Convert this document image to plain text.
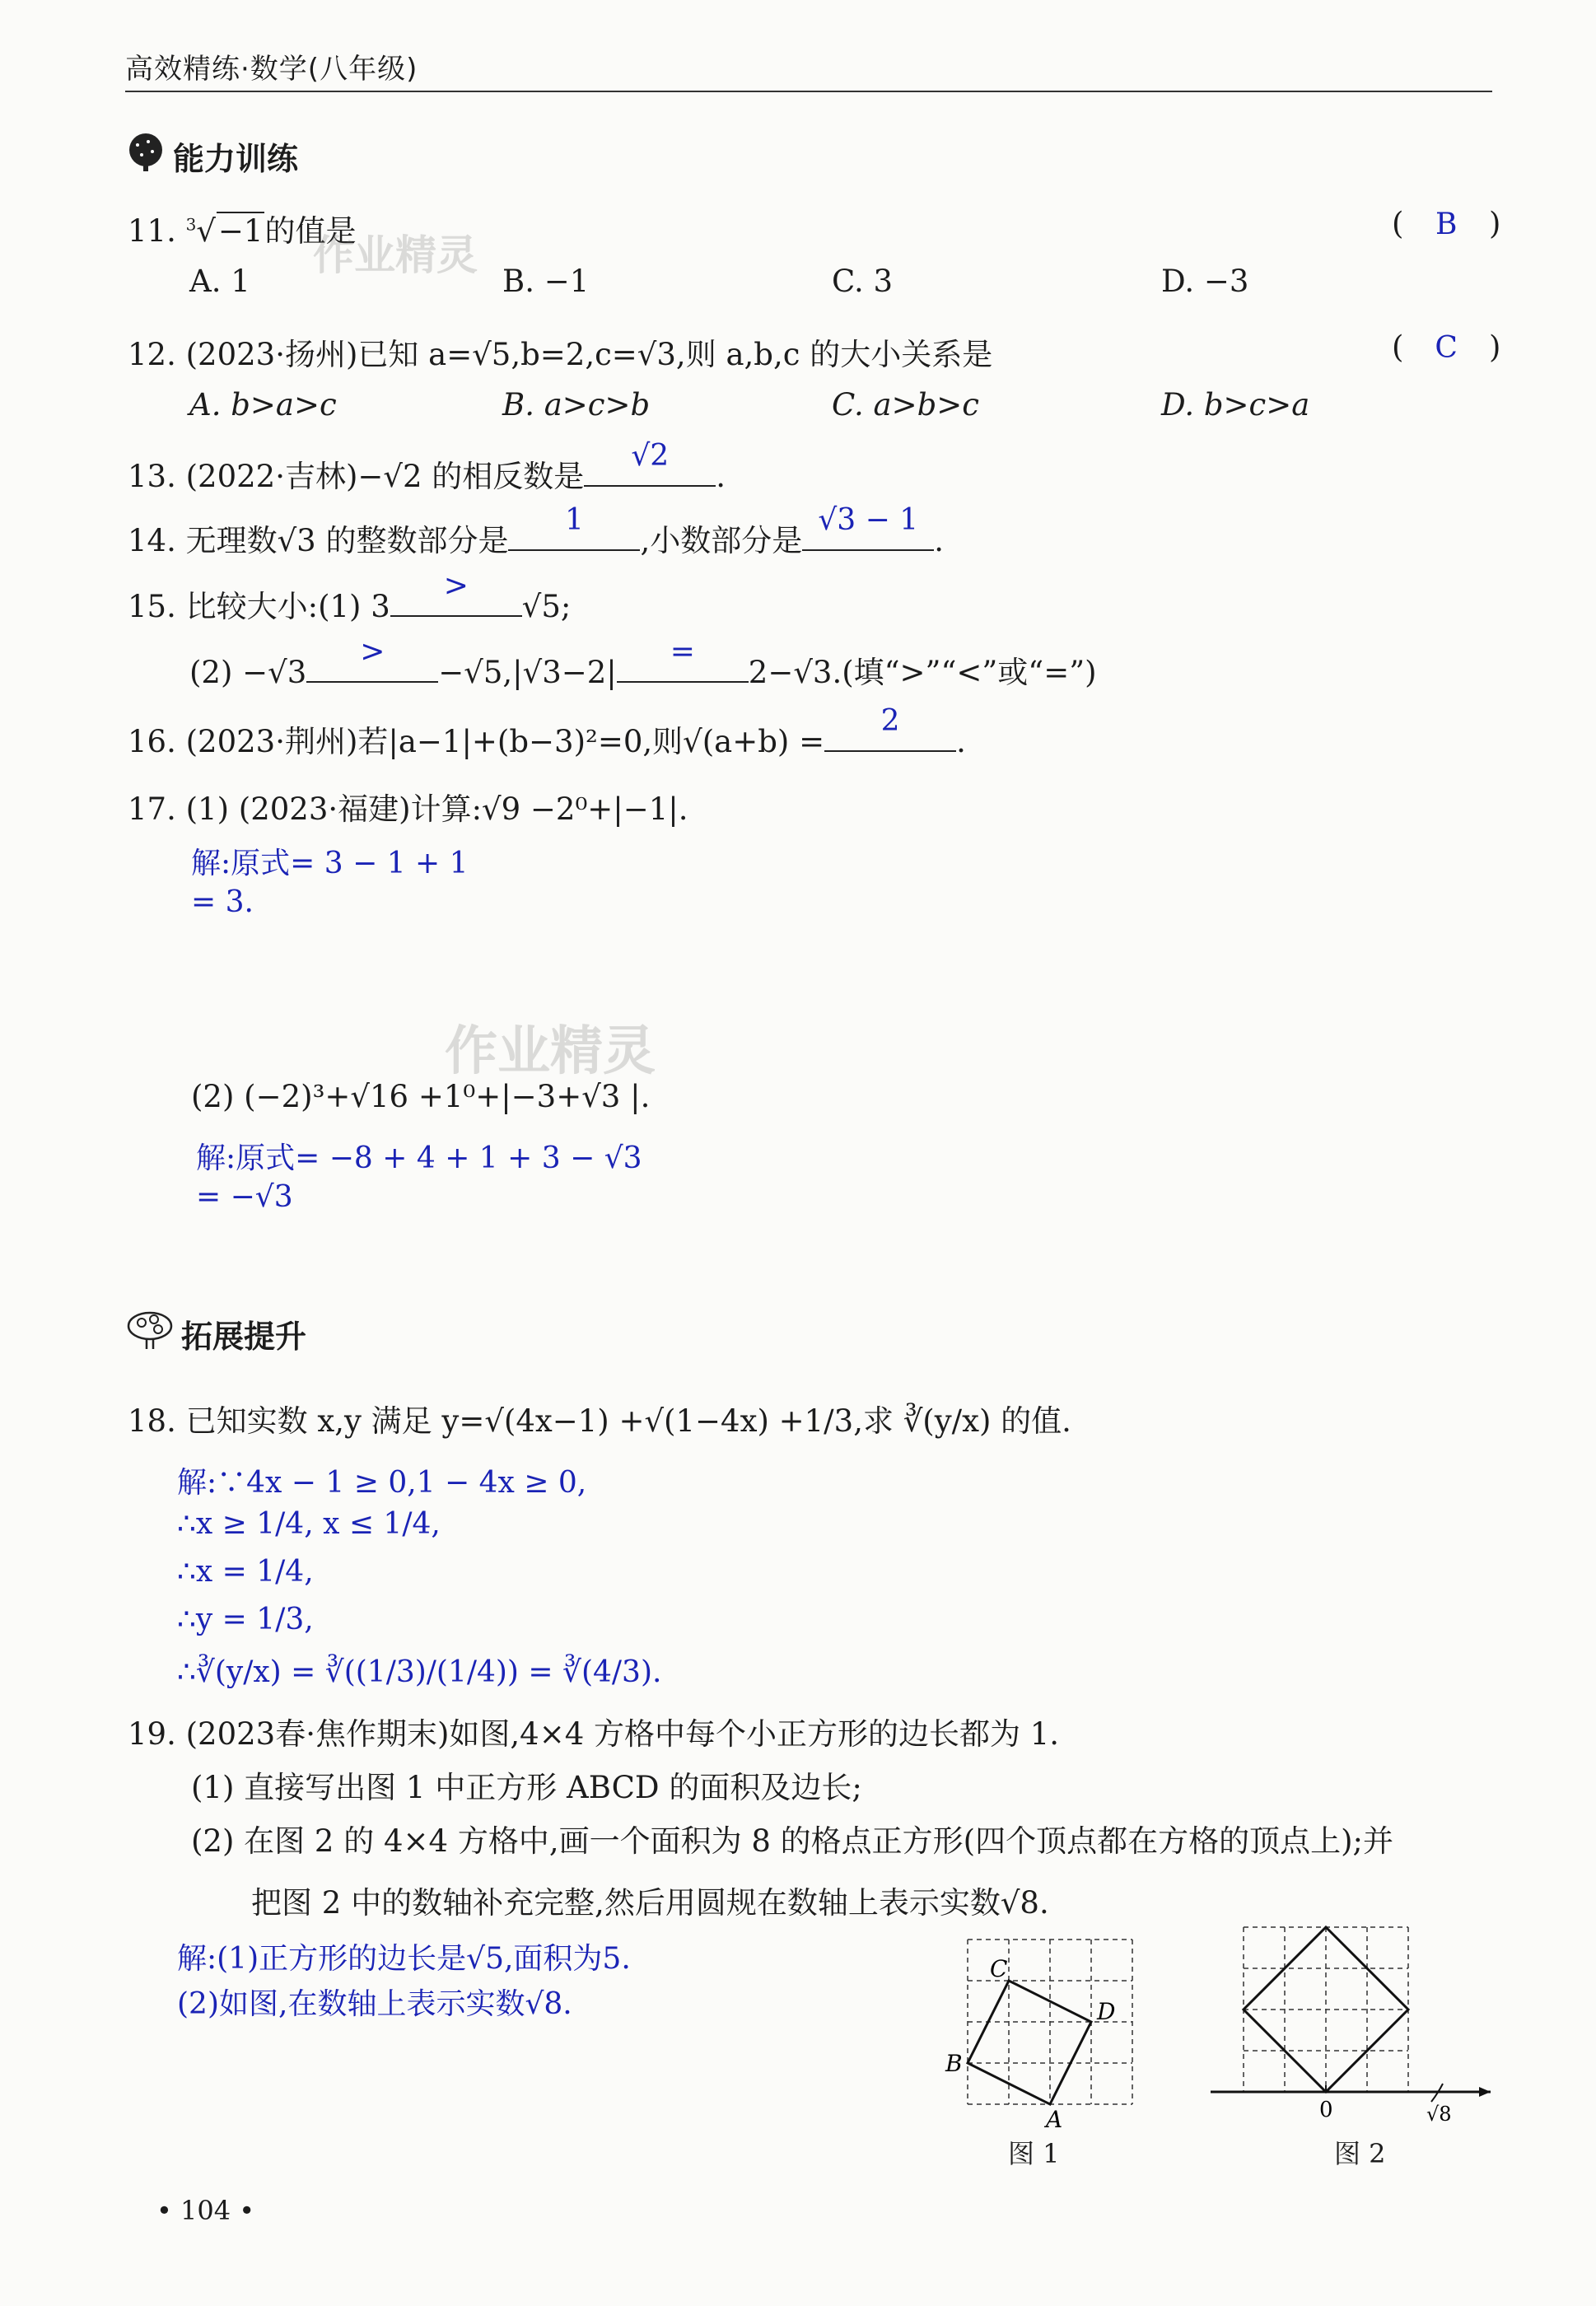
高效精练·数学(八年级)
能力训练
11. $^3$√−1的值是	( B )
A. 1	B. −1	C. 3	D. −3
作业精灵
12. (2023·扬州)已知 a=√5,b=2,c=√3,则 a,b,c 的大小关系是	( C )
A. b>a>c	B. a>c>b	C. a>b>c	D. b>c>a
13. (2022·吉林)−√2 的相反数是
√2
.
14. 无理数√3 的整数部分是
1
,小数部分是
√3 − 1
.
15. 比较大小:(1) 3
>
√5;
(2) −√3
>
−√5,|√3−2|
=
2−√3.(填“>”“<”或“=”)
16. (2023·荆州)若|a−1|+(b−3)²=0,则√(a+b) =
2
.
17. (1) (2023·福建)计算:√9 −2⁰+|−1|.
解:原式= 3 − 1 + 1
= 3.
作业精灵
(2) (−2)³+√16 +1⁰+|−3+√3 |.
解:原式= −8 + 4 + 1 + 3 − √3
= −√3
拓展提升
18. 已知实数 x,y 满足 y=√(4x−1) +√(1−4x) +1/3,求 ∛(y/x) 的值.
解:∵4x − 1 ≥ 0,1 − 4x ≥ 0,
∴x ≥ 1/4, x ≤ 1/4,
∴x = 1/4,
∴y = 1/3,
∴∛(y/x) = ∛((1/3)/(1/4)) = ∛(4/3).
19. (2023春·焦作期末)如图,4×4 方格中每个小正方形的边长都为 1.
(1) 直接写出图 1 中正方形 ABCD 的面积及边长;
(2) 在图 2 的 4×4 方格中,画一个面积为 8 的格点正方形(四个顶点都在方格的顶点上);并
把图 2 中的数轴补充完整,然后用圆规在数轴上表示实数√8.
解:(1)正方形的边长是√5,面积为5.
(2)如图,在数轴上表示实数√8.
C
D
B
A
图 1
0	√8
图 2
• 104 •
